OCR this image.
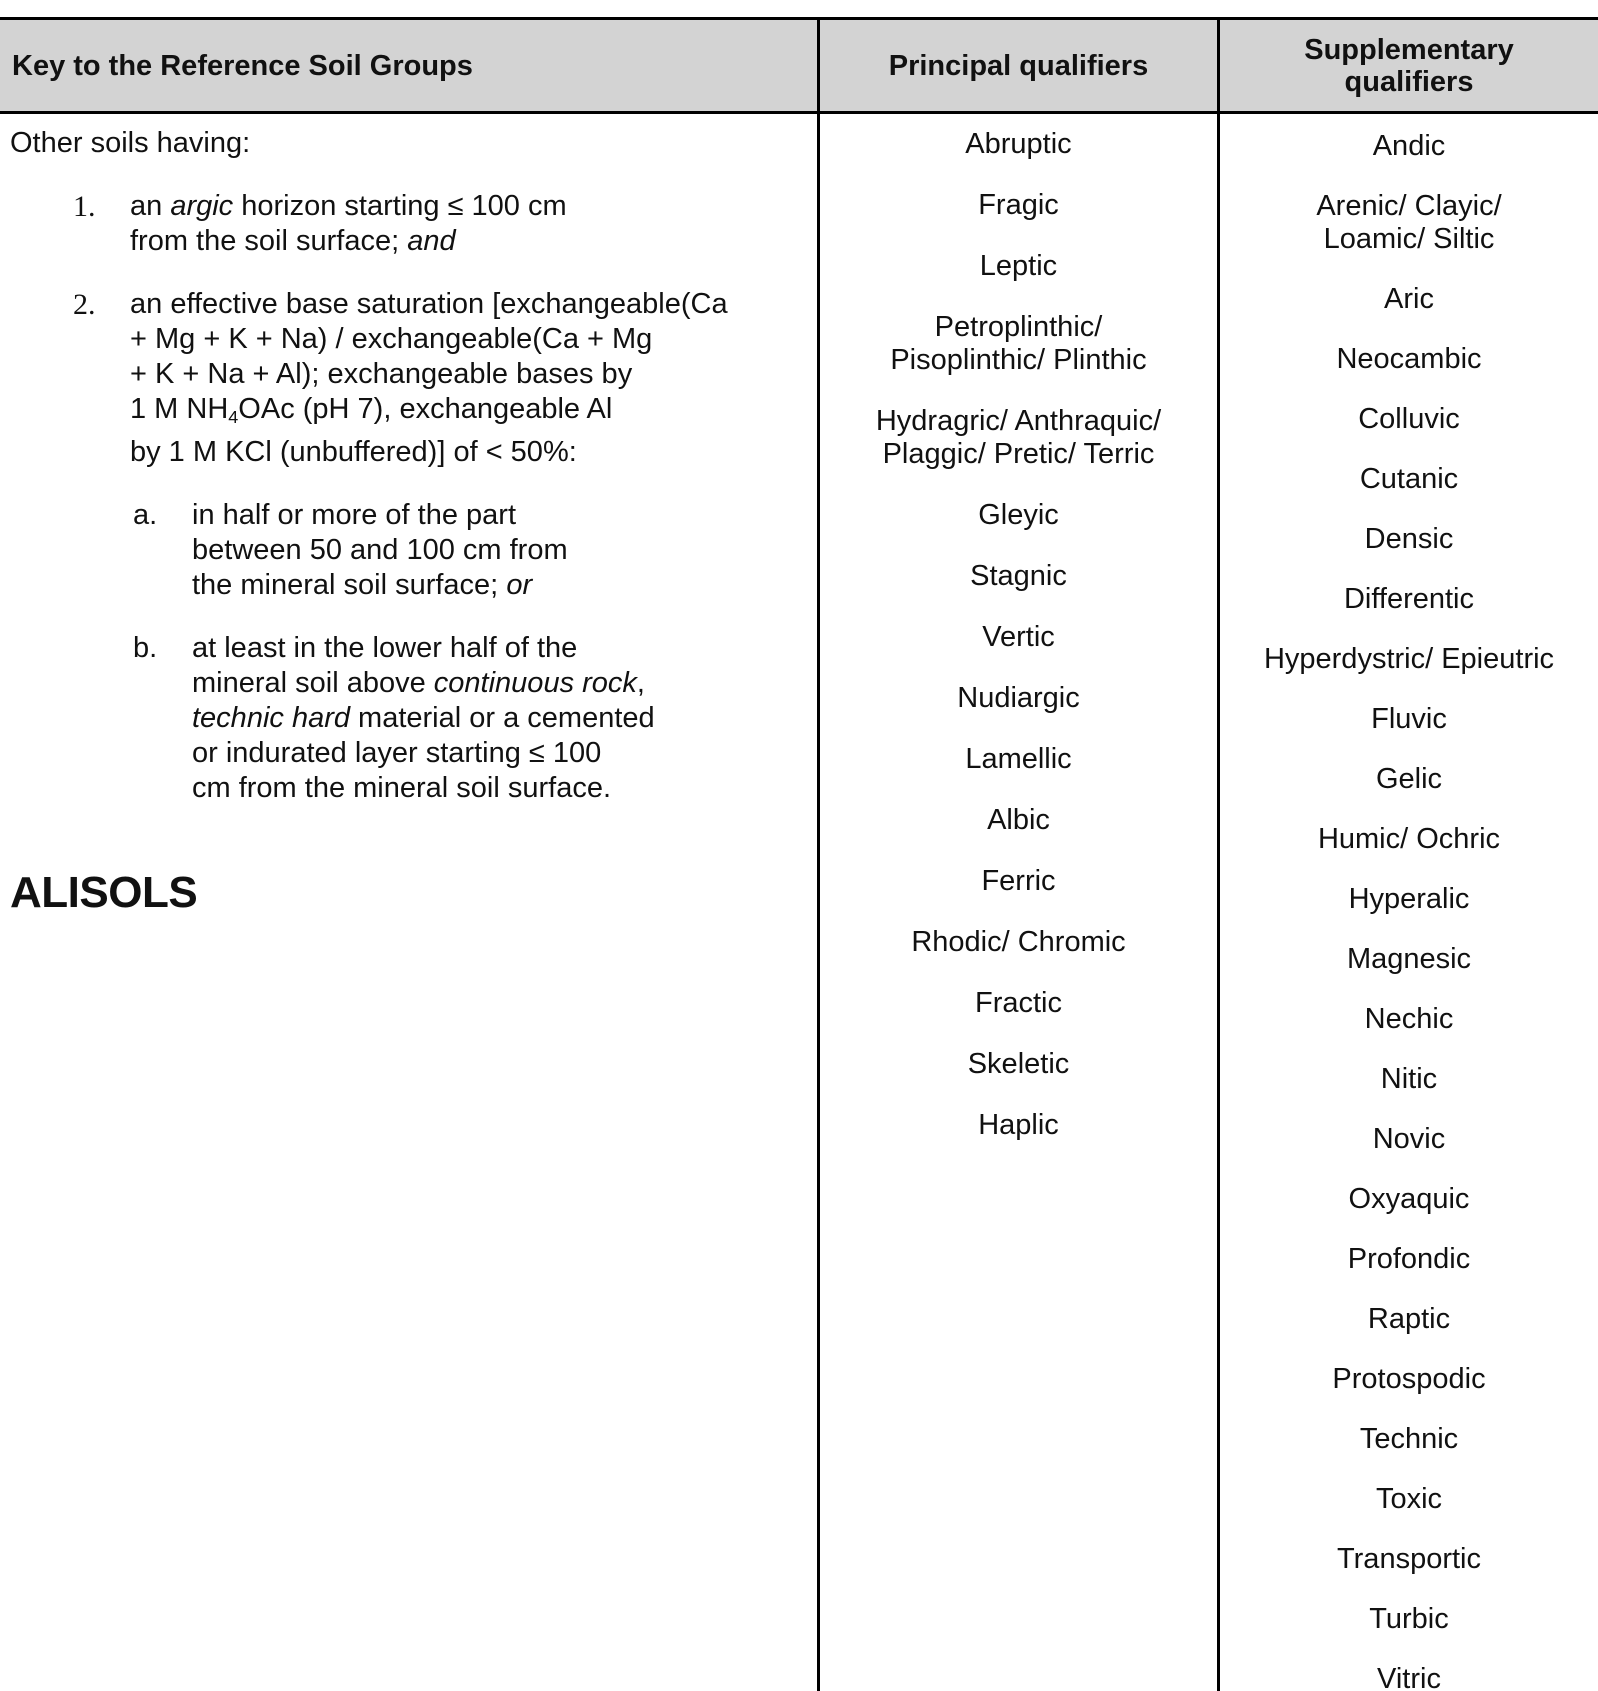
Key to the Reference Soil Groups	Principal qualifiers	Supplementary
qualifiers
Other soils having:
1. an argic horizon starting ≤ 100 cm
from the soil surface; and
2. an effective base saturation [exchangeable(Ca
+ Mg + K + Na) / exchangeable(Ca + Mg
+ K + Na + Al); exchangeable bases by
1 M $NH_4OAc$ (pH 7), exchangeable Al
by 1 M KCl (unbuffered)] of < 50%:
a. in half or more of the part
between 50 and 100 cm from
the mineral soil surface; or
b. at least in the lower half of the
mineral soil above continuous rock,
technic hard material or a cemented
or indurated layer starting ≤ 100
cm from the mineral soil surface.
ALISOLS
Abruptic
Fragic
Leptic
Petroplinthic/
Pisoplinthic/ Plinthic
Hydragric/ Anthraquic/
Plaggic/ Pretic/ Terric
Gleyic
Stagnic
Vertic
Nudiargic
Lamellic
Albic
Ferric
Rhodic/ Chromic
Fractic
Skeletic
Haplic
Andic
Arenic/ Clayic/
Loamic/ Siltic
Aric
Neocambic
Colluvic
Cutanic
Densic
Differentic
Hyperdystric/ Epieutric
Fluvic
Gelic
Humic/ Ochric
Hyperalic
Magnesic
Nechic
Nitic
Novic
Oxyaquic
Profondic
Raptic
Protospodic
Technic
Toxic
Transportic
Turbic
Vitric
